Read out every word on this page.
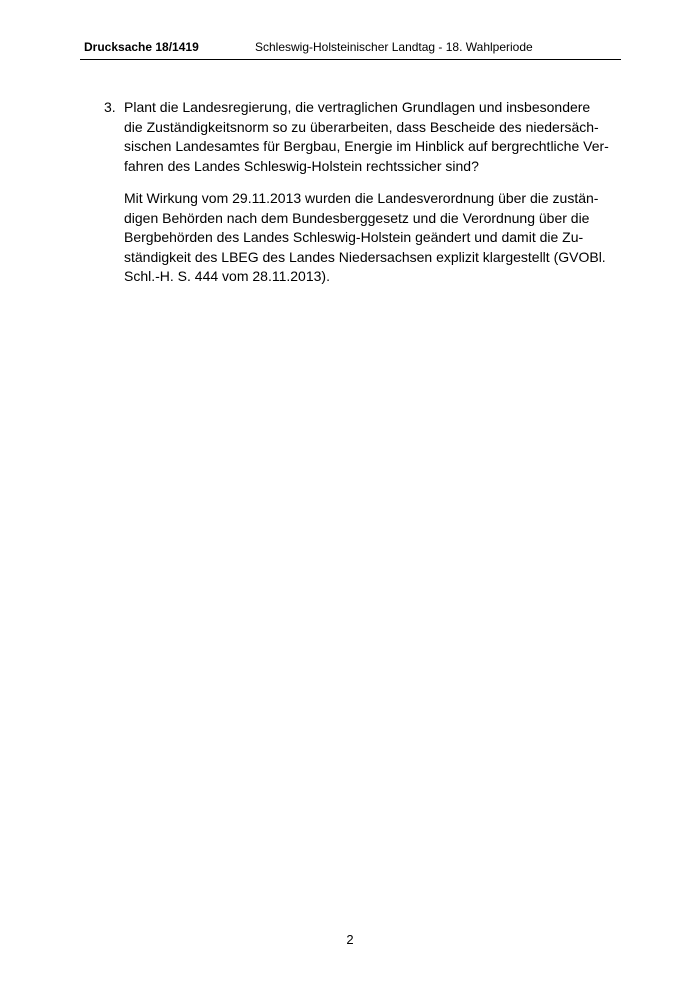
Drucksache 18/1419	Schleswig-Holsteinischer Landtag - 18. Wahlperiode
3. Plant die Landesregierung, die vertraglichen Grundlagen und insbesondere
die Zuständigkeitsnorm so zu überarbeiten, dass Bescheide des niedersäch-
sischen Landesamtes für Bergbau, Energie im Hinblick auf bergrechtliche Ver-
fahren des Landes Schleswig-Holstein rechtssicher sind?
Mit Wirkung vom 29.11.2013 wurden die Landesverordnung über die zustän-
digen Behörden nach dem Bundesberggesetz und die Verordnung über die
Bergbehörden des Landes Schleswig-Holstein geändert und damit die Zu-
ständigkeit des LBEG des Landes Niedersachsen explizit klargestellt (GVOBl.
Schl.-H. S. 444 vom 28.11.2013).
2
